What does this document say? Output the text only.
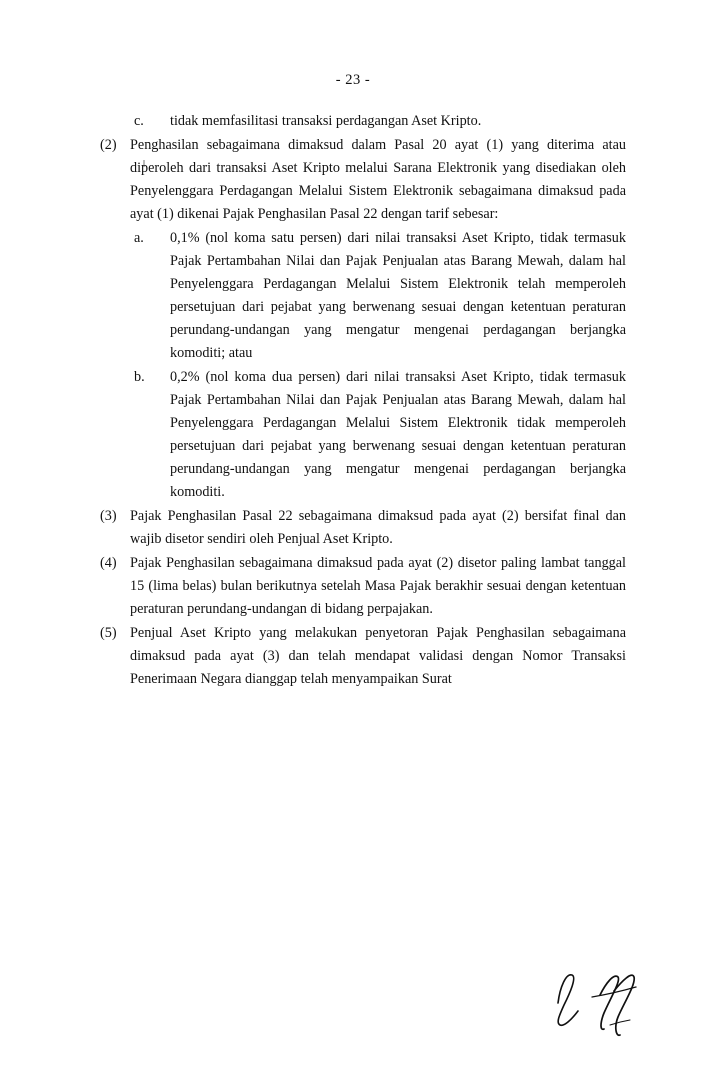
- 23 -
c.	tidak memfasilitasi transaksi perdagangan Aset Kripto.
(2) Penghasilan sebagaimana dimaksud dalam Pasal 20 ayat (1) yang diterima atau diperoleh dari transaksi Aset Kripto melalui Sarana Elektronik yang disediakan oleh Penyelenggara Perdagangan Melalui Sistem Elektronik sebagaimana dimaksud pada ayat (1) dikenai Pajak Penghasilan Pasal 22 dengan tarif sebesar:
a.	0,1% (nol koma satu persen) dari nilai transaksi Aset Kripto, tidak termasuk Pajak Pertambahan Nilai dan Pajak Penjualan atas Barang Mewah, dalam hal Penyelenggara Perdagangan Melalui Sistem Elektronik telah memperoleh persetujuan dari pejabat yang berwenang sesuai dengan ketentuan peraturan perundang-undangan yang mengatur mengenai perdagangan berjangka komoditi; atau
b.	0,2% (nol koma dua persen) dari nilai transaksi Aset Kripto, tidak termasuk Pajak Pertambahan Nilai dan Pajak Penjualan atas Barang Mewah, dalam hal Penyelenggara Perdagangan Melalui Sistem Elektronik tidak memperoleh persetujuan dari pejabat yang berwenang sesuai dengan ketentuan peraturan perundang-undangan yang mengatur mengenai perdagangan berjangka komoditi.
(3) Pajak Penghasilan Pasal 22 sebagaimana dimaksud pada ayat (2) bersifat final dan wajib disetor sendiri oleh Penjual Aset Kripto.
(4) Pajak Penghasilan sebagaimana dimaksud pada ayat (2) disetor paling lambat tanggal 15 (lima belas) bulan berikutnya setelah Masa Pajak berakhir sesuai dengan ketentuan peraturan perundang-undangan di bidang perpajakan.
(5) Penjual Aset Kripto yang melakukan penyetoran Pajak Penghasilan sebagaimana dimaksud pada ayat (3) dan telah mendapat validasi dengan Nomor Transaksi Penerimaan Negara dianggap telah menyampaikan Surat
